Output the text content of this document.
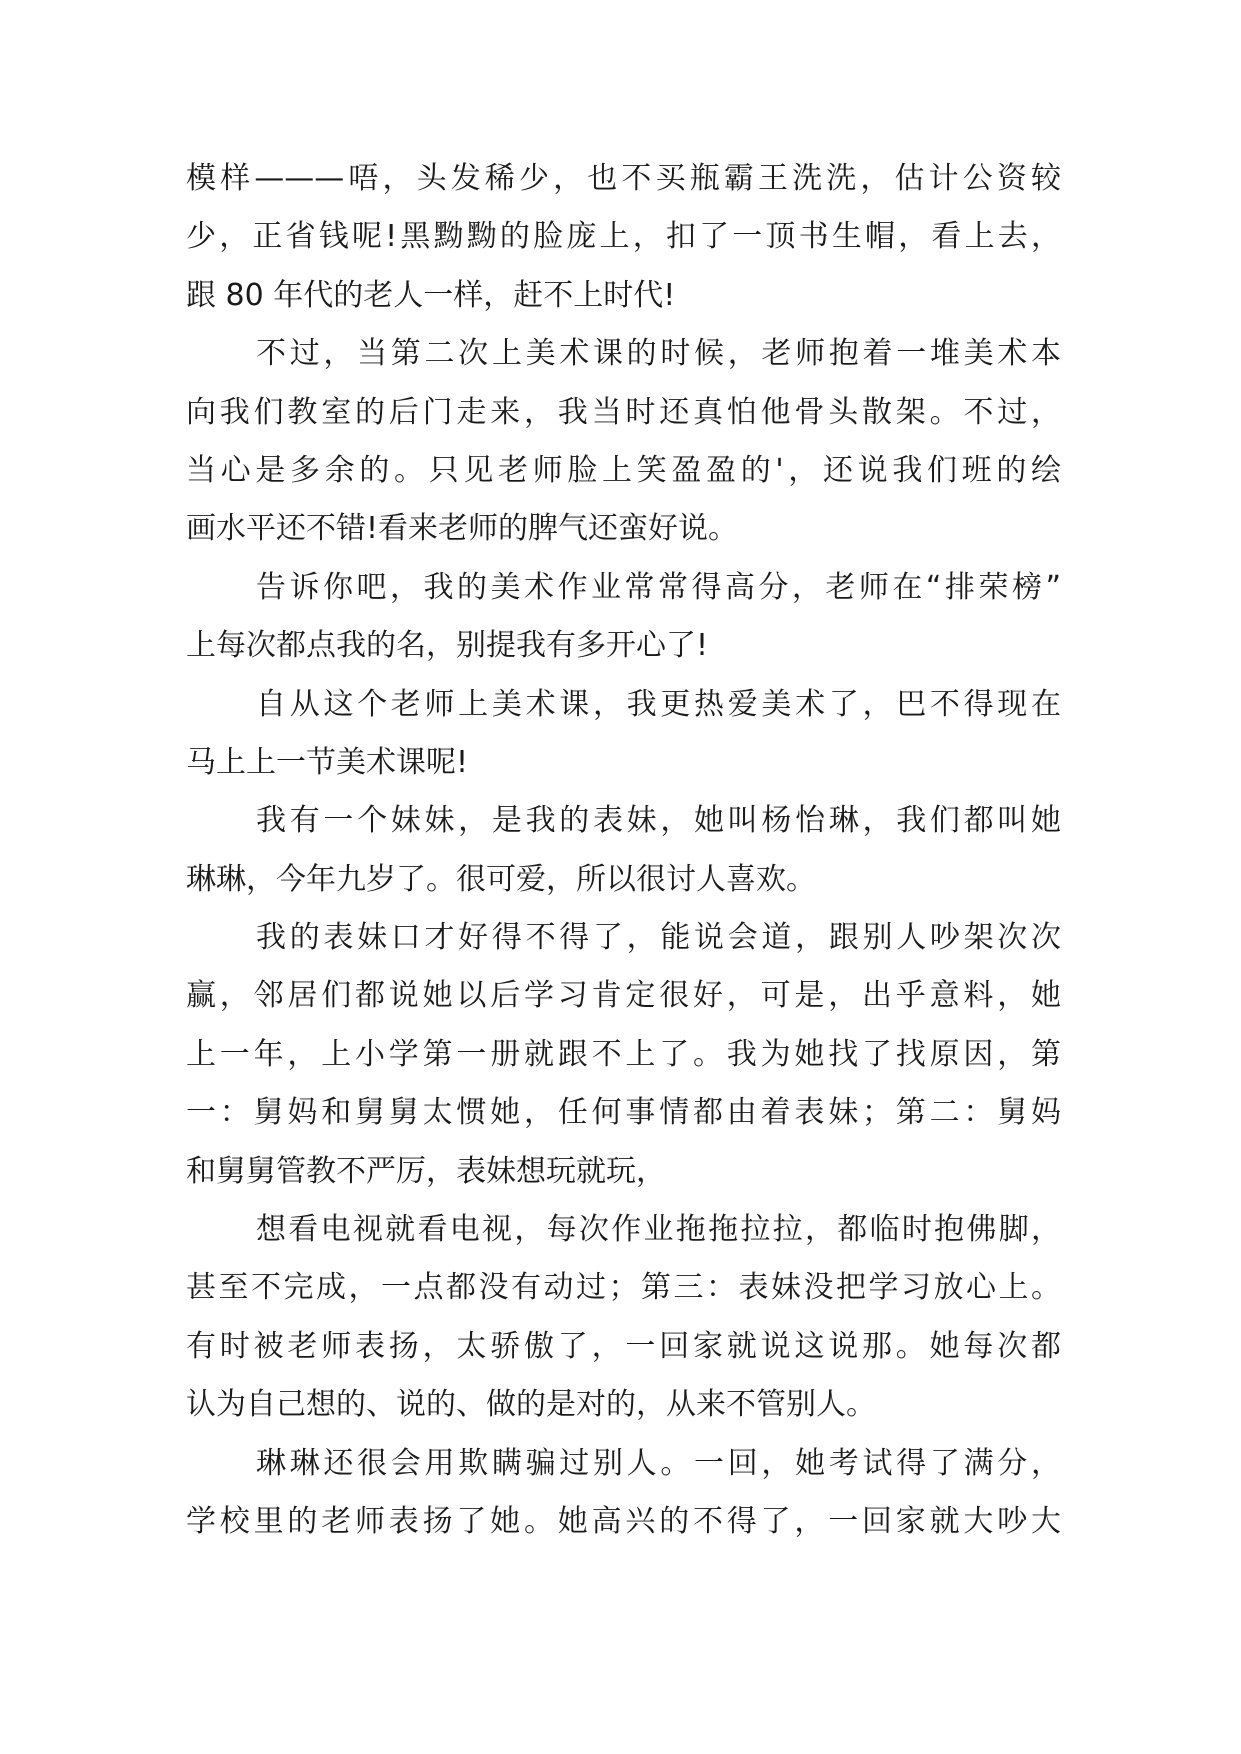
模样———唔，头发稀少，也不买瓶霸王洗洗，估计公资较
少，正省钱呢!黑黝黝的脸庞上，扣了一顶书生帽，看上去，
跟 80 年代的老人一样，赶不上时代!
不过，当第二次上美术课的时候，老师抱着一堆美术本
向我们教室的后门走来，我当时还真怕他骨头散架。不过，
当心是多余的。只见老师脸上笑盈盈的'，还说我们班的绘
画水平还不错!看来老师的脾气还蛮好说。
告诉你吧，我的美术作业常常得高分，老师在“排荣榜”
上每次都点我的名，别提我有多开心了!
自从这个老师上美术课，我更热爱美术了，巴不得现在
马上上一节美术课呢!
我有一个妹妹，是我的表妹，她叫杨怡琳，我们都叫她
琳琳，今年九岁了。很可爱，所以很讨人喜欢。
我的表妹口才好得不得了，能说会道，跟别人吵架次次
赢，邻居们都说她以后学习肯定很好，可是，出乎意料，她
上一年，上小学第一册就跟不上了。我为她找了找原因，第
一：舅妈和舅舅太惯她，任何事情都由着表妹；第二：舅妈
和舅舅管教不严厉，表妹想玩就玩，
想看电视就看电视，每次作业拖拖拉拉，都临时抱佛脚，
甚至不完成，一点都没有动过；第三：表妹没把学习放心上。
有时被老师表扬，太骄傲了，一回家就说这说那。她每次都
认为自己想的、说的、做的是对的，从来不管别人。
琳琳还很会用欺瞒骗过别人。一回，她考试得了满分，
学校里的老师表扬了她。她高兴的不得了，一回家就大吵大
